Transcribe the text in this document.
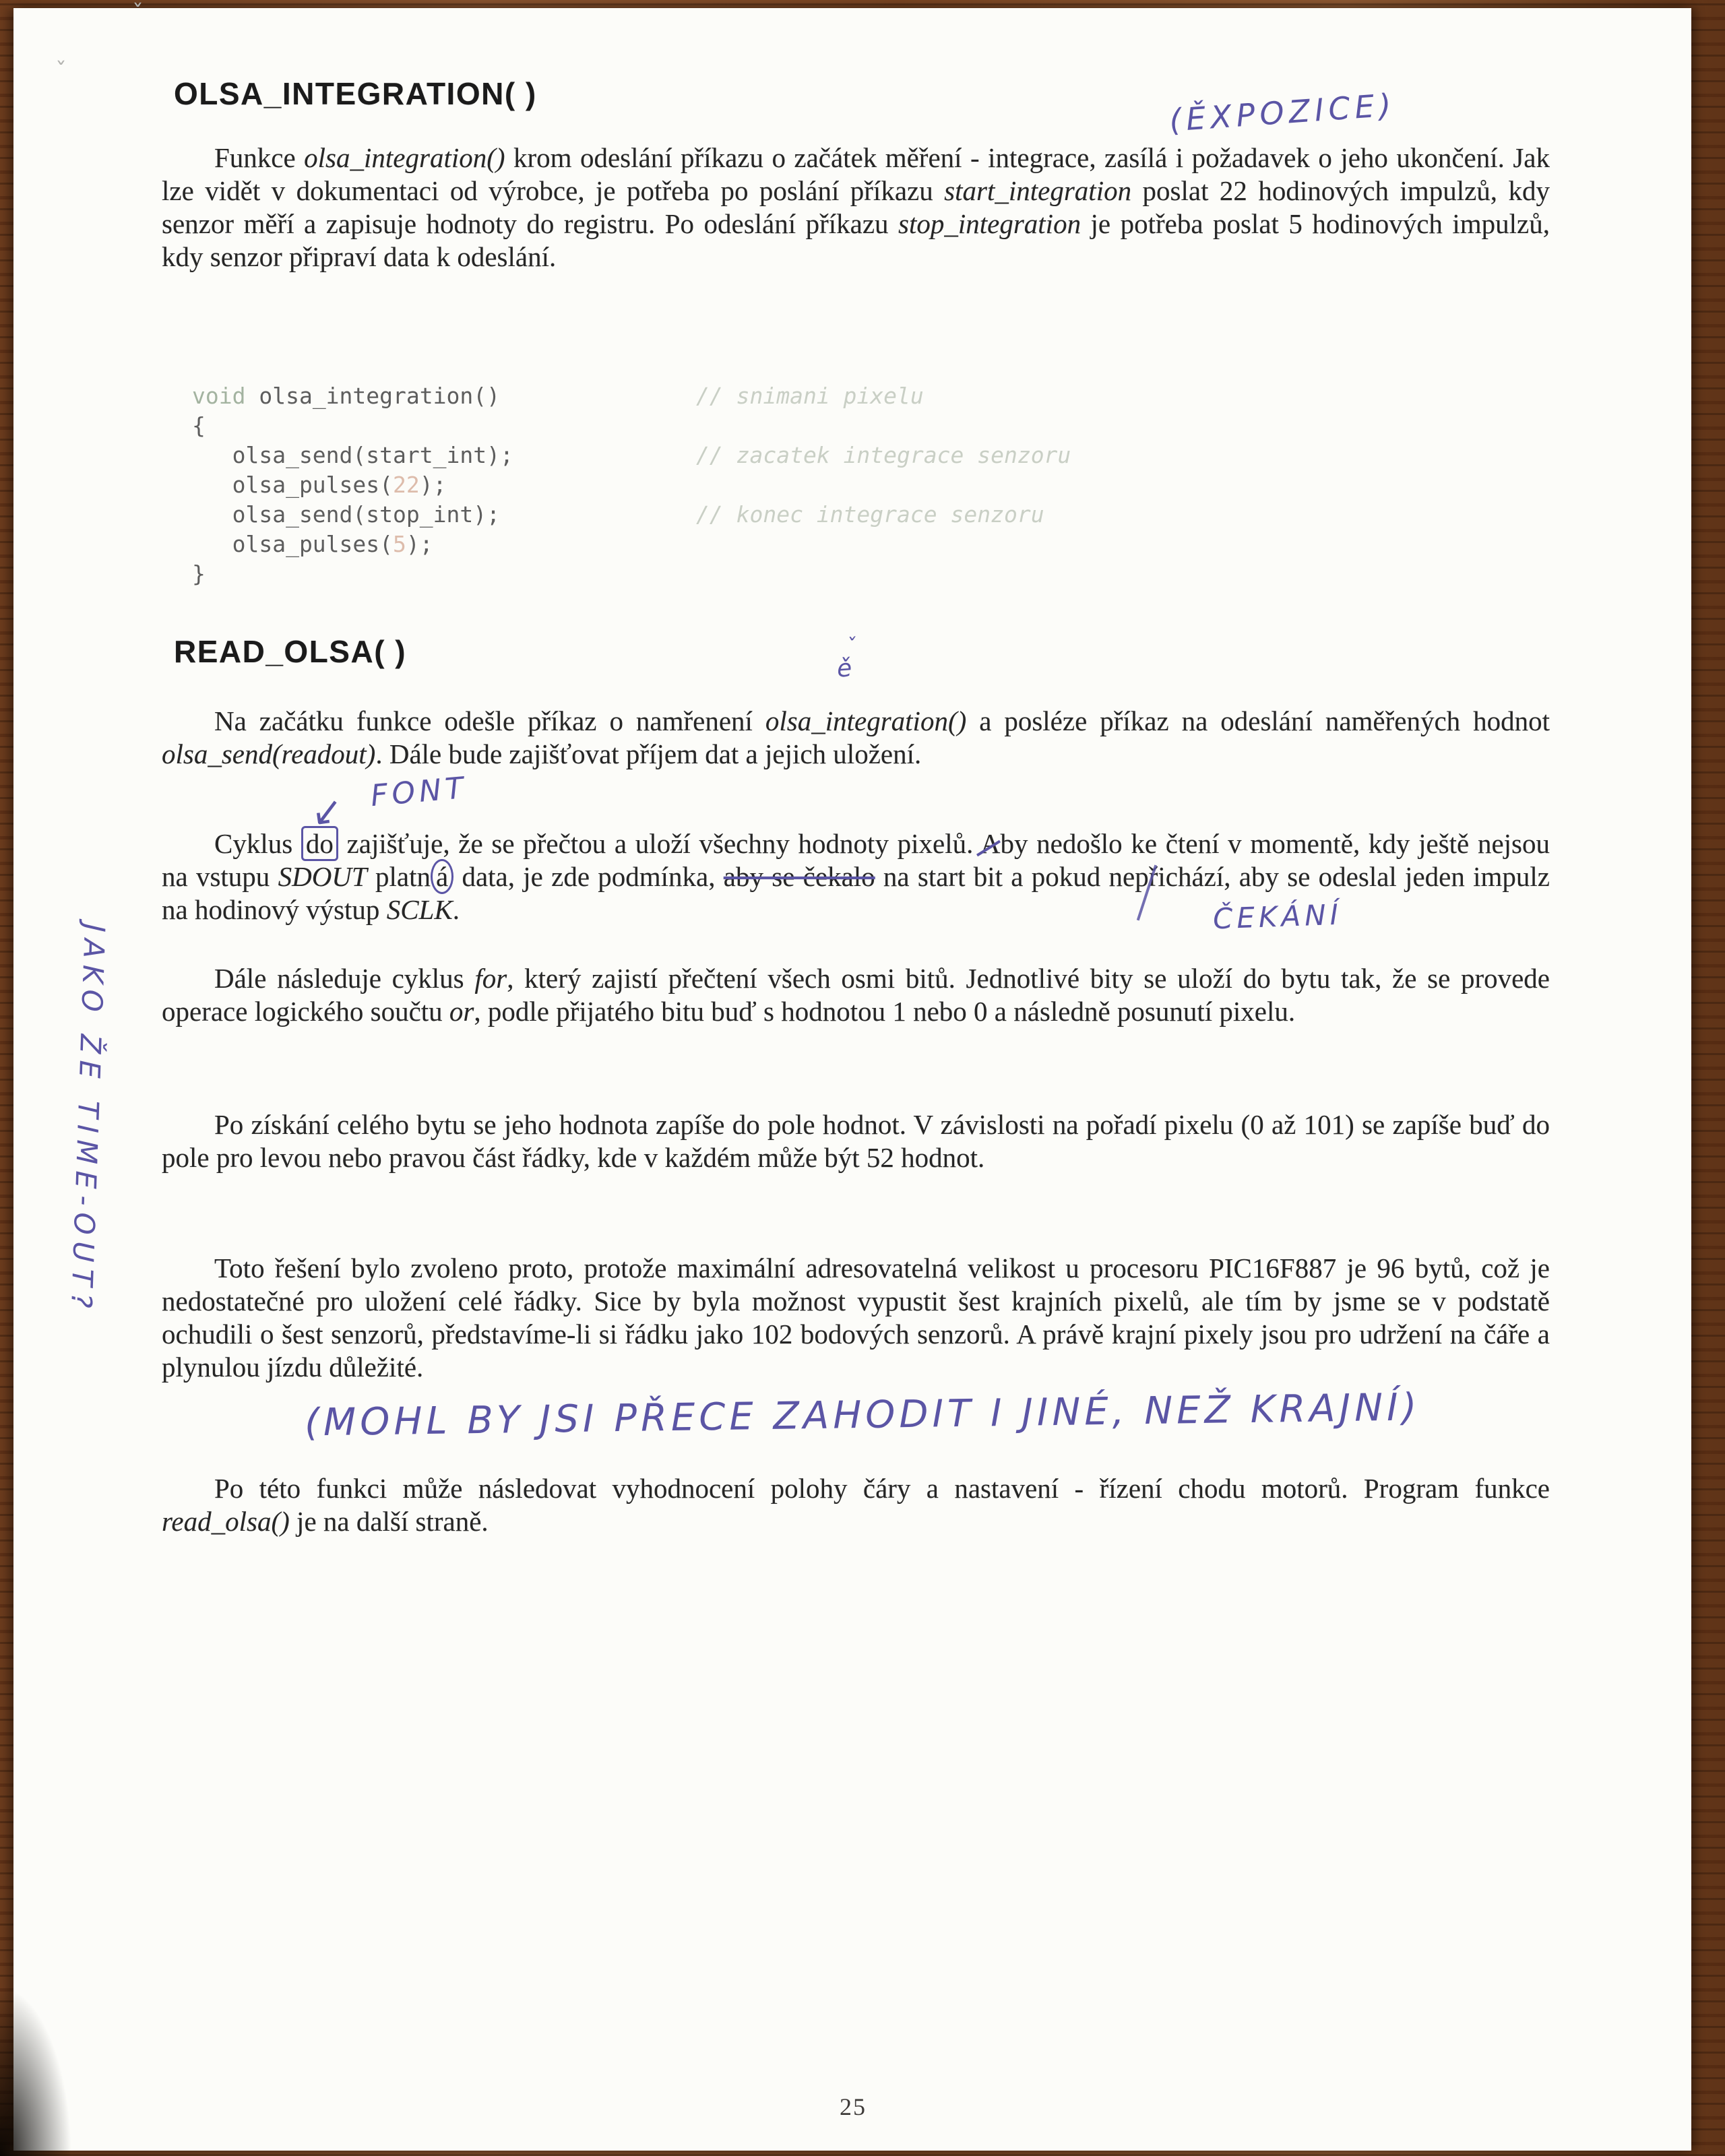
ˇ
ˇ
OLSA_INTEGRATION( )	(ĚXPOZICE)
Funkce olsa_integration() krom odeslání příkazu o začátek měření - integrace, zasílá i požadavek o jeho ukončení. Jak lze vidět v dokumentaci od výrobce, je potřeba po poslání příkazu start_integration poslat 22 hodinových impulzů, kdy senzor měří a zapisuje hodnoty do registru. Po odeslání příkazu stop_integration je potřeba poslat 5 hodinových impulzů, kdy senzor připraví data k odeslání.
void olsa_integration()	// snimani pixelu
{
olsa_send(start_int);	// zacatek integrace senzoru
olsa_pulses(22);
olsa_send(stop_int);	// konec integrace senzoru
olsa_pulses(5);
}
READ_OLSA( )	ˇ
ě
Na začátku funkce odešle příkaz o namřenení olsa_integration() a posléze příkaz na odeslání naměřených hodnot olsa_send(readout). Dále bude zajišťovat příjem dat a jejich uložení.
FONT
↙
Cyklus do zajišťuje, že se přečtou a uloží všechny hodnoty pixelů. Aby nedošlo ke čtení v momentě, kdy ještě nejsou na vstupu SDOUT platn á data, je zde podmínka, aby se čekalo na start bit a pokud nepřichází, aby se odeslal jeden impulz na hodinový výstup SCLK.	ČEKÁNÍ
Dále následuje cyklus for, který zajistí přečtení všech osmi bitů. Jednotlivé bity se uloží do bytu tak, že se provede operace logického součtu or, podle přijatého bitu buď s hodnotou 1 nebo 0 a následně posunutí pixelu.
Po získání celého bytu se jeho hodnota zapíše do pole hodnot. V závislosti na pořadí pixelu (0 až 101) se zapíše buď do pole pro levou nebo pravou část řádky, kde v každém může být 52 hodnot.
Toto řešení bylo zvoleno proto, protože maximální adresovatelná velikost u procesoru PIC16F887 je 96 bytů, což je nedostatečné pro uložení celé řádky. Sice by byla možnost vypustit šest krajních pixelů, ale tím by jsme se v podstatě ochudili o šest senzorů, představíme-li si řádku jako 102 bodových senzorů. A právě krajní pixely jsou pro udržení na čáře a plynulou jízdu důležité.
(MOHL BY JSI PŘECE ZAHODIT I JINÉ, NEŽ KRAJNÍ)
Po této funkci může následovat vyhodnocení polohy čáry a nastavení - řízení chodu motorů. Program funkce read_olsa() je na další straně.
JAKO ŽE TIME-OUT?
25
